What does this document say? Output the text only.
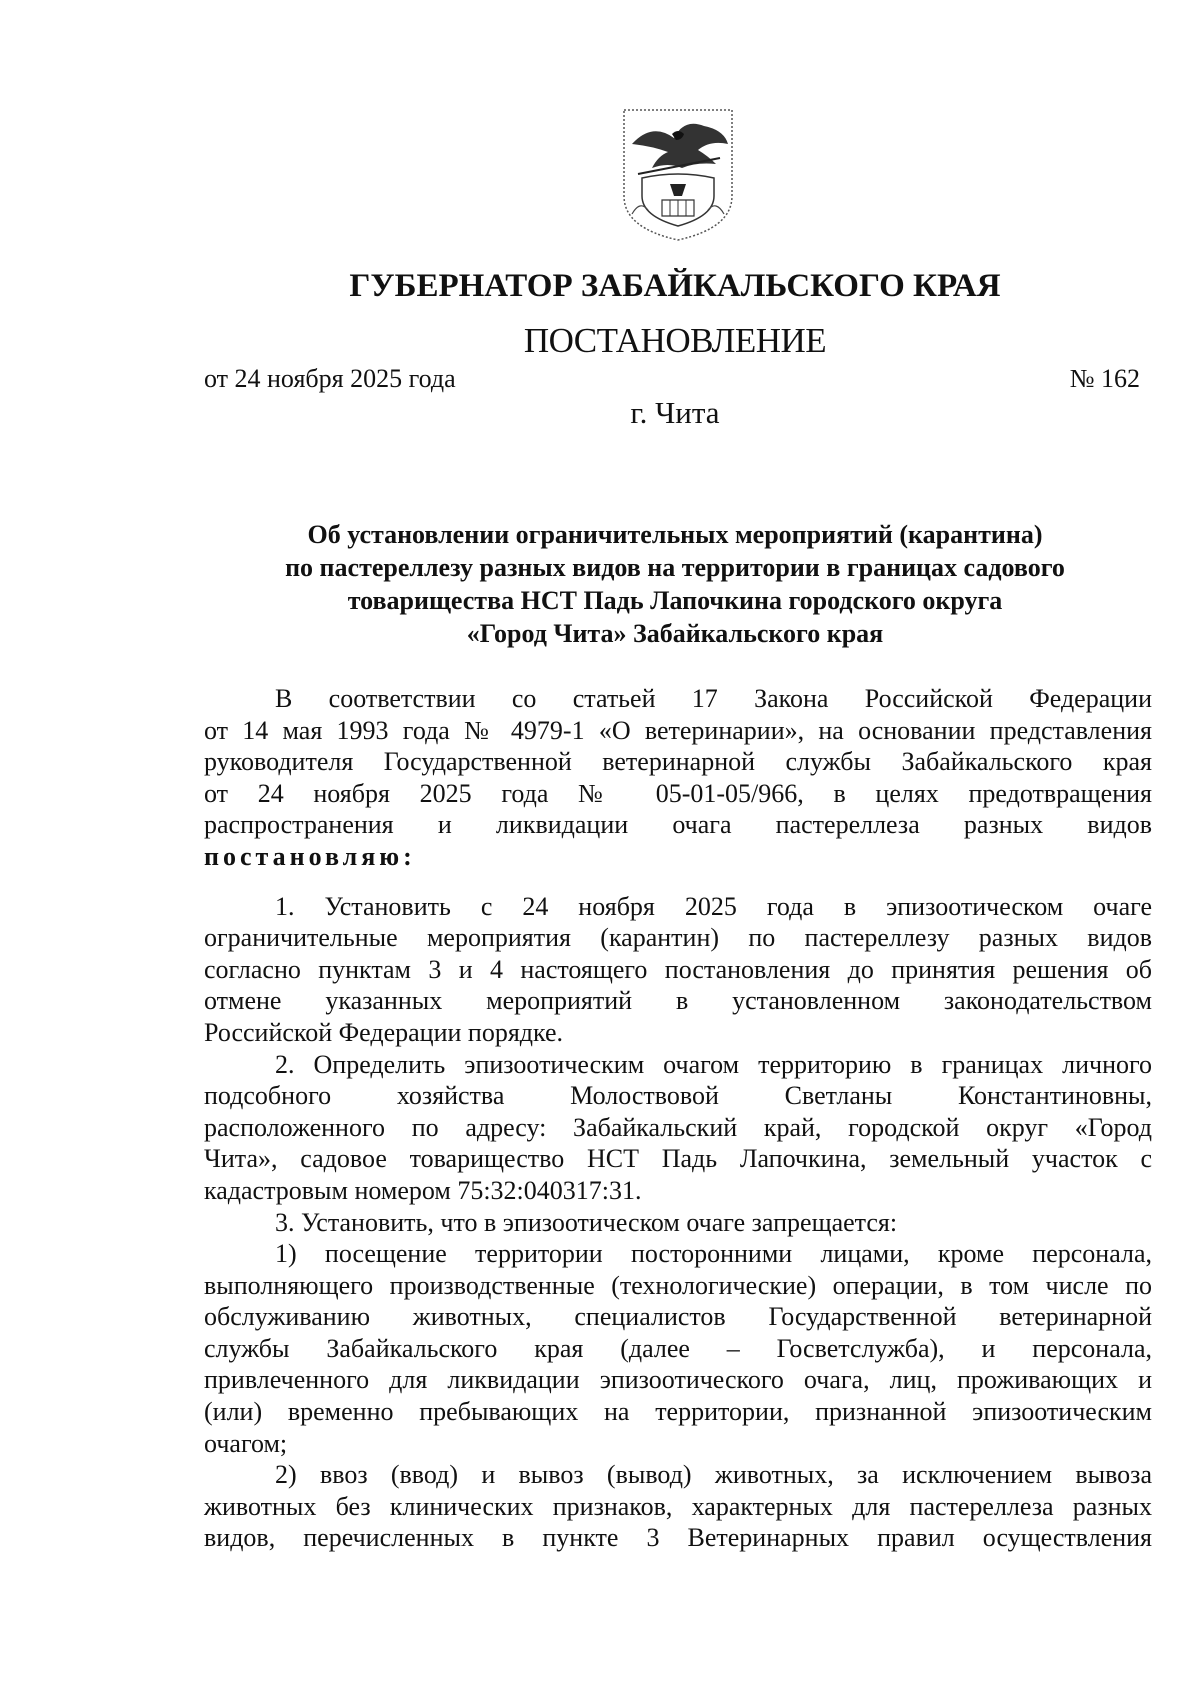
ГУБЕРНАТОР ЗАБАЙКАЛЬСКОГО КРАЯ
ПОСТАНОВЛЕНИЕ
от 24 ноября 2025 года	№ 162
г. Чита
Об установлении ограничительных мероприятий (карантина)
по пастереллезу разных видов на территории в границах садового
товарищества НСТ Падь Лапочкина городского округа
«Город Чита» Забайкальского края
В соответствии со статьей 17 Закона Российской Федерации
от 14 мая 1993 года № 4979-1 «О ветеринарии», на основании представления
руководителя Государственной ветеринарной службы Забайкальского края
от 24 ноября 2025 года № 05-01-05/966, в целях предотвращения
распространения и ликвидации очага пастереллеза разных видов
постановляю:
1. Установить с 24 ноября 2025 года в эпизоотическом очаге
ограничительные мероприятия (карантин) по пастереллезу разных видов
согласно пунктам 3 и 4 настоящего постановления до принятия решения об
отмене указанных мероприятий в установленном законодательством
Российской Федерации порядке.
2. Определить эпизоотическим очагом территорию в границах личного
подсобного хозяйства Молоствовой Светланы Константиновны,
расположенного по адресу: Забайкальский край, городской округ «Город
Чита», садовое товарищество НСТ Падь Лапочкина, земельный участок с
кадастровым номером 75:32:040317:31.
3. Установить, что в эпизоотическом очаге запрещается:
1) посещение территории посторонними лицами, кроме персонала,
выполняющего производственные (технологические) операции, в том числе по
обслуживанию животных, специалистов Государственной ветеринарной
службы Забайкальского края (далее – Госветслужба), и персонала,
привлеченного для ликвидации эпизоотического очага, лиц, проживающих и
(или) временно пребывающих на территории, признанной эпизоотическим
очагом;
2) ввоз (ввод) и вывоз (вывод) животных, за исключением вывоза
животных без клинических признаков, характерных для пастереллеза разных
видов, перечисленных в пункте 3 Ветеринарных правил осуществления
